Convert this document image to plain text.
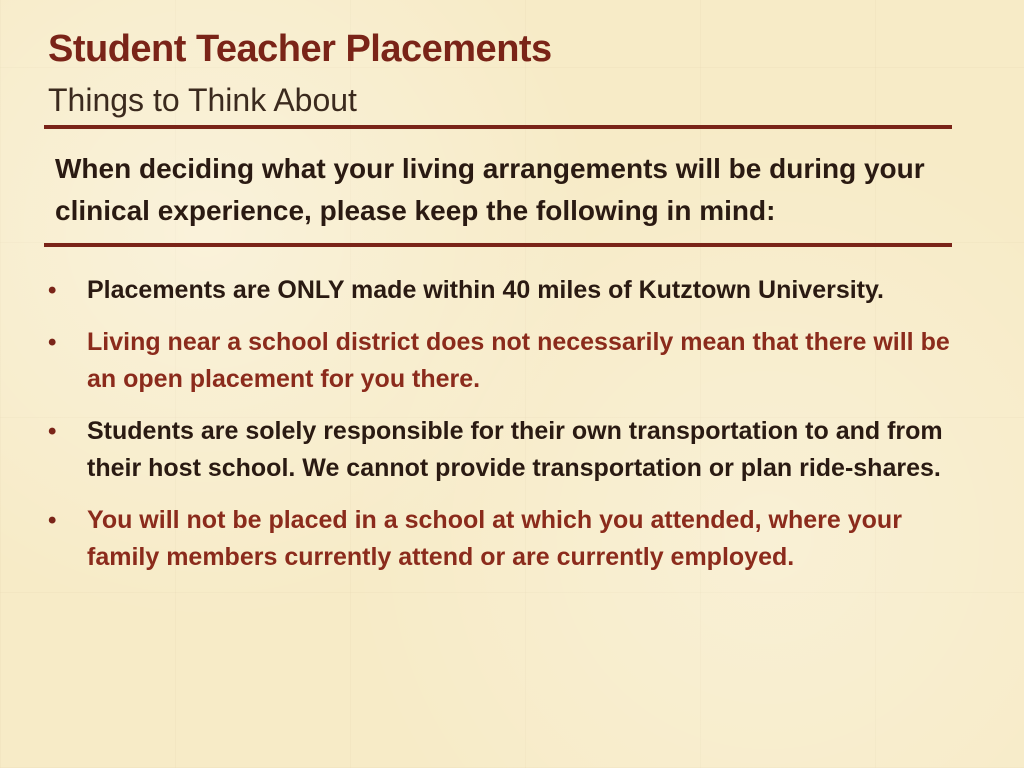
Student Teacher Placements
Things to Think About

When deciding what your living arrangements will be during your clinical experience, please keep the following in mind:

• Placements are ONLY made within 40 miles of Kutztown University.
• Living near a school district does not necessarily mean that there will be an open placement for you there.
• Students are solely responsible for their own transportation to and from their host school. We cannot provide transportation or plan ride-shares.
• You will not be placed in a school at which you attended, where your family members currently attend or are currently employed.
